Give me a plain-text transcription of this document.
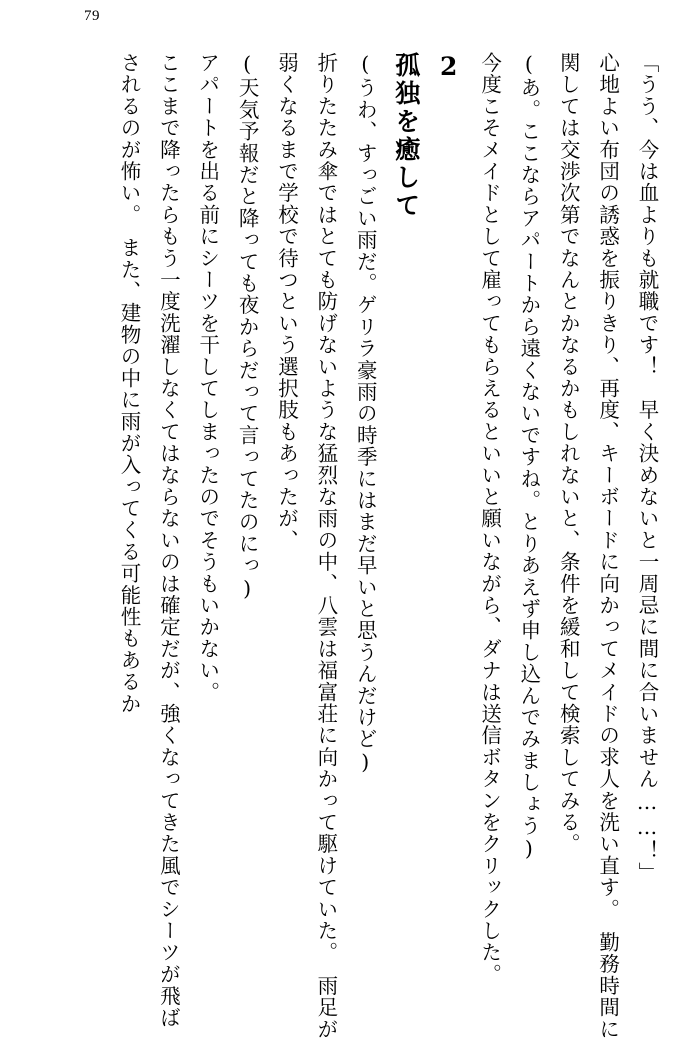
79

「うう、今は血よりも就職です！　早く決めないと一周忌に間に合いません……！」

心地よい布団の誘惑を振りきり、再度、キーボードに向かってメイドの求人を洗い直す。　勤務時間に関しては交渉次第でなんとかなるかもしれないと、条件を緩和して検索してみる。

(あ。ここならアパートから遠くないですね。とりあえず申し込んでみましょう)

今度こそメイドとして雇ってもらえるといいと願いながら、ダナは送信ボタンをクリックした。

2
孤独を癒して

(うわ、すっごい雨だ。ゲリラ豪雨の時季にはまだ早いと思うんだけど)

折りたたみ傘ではとても防げないような猛烈な雨の中、八雲は福富荘に向かって駆けていた。　雨足が弱くなるまで学校で待つという選択肢もあったが、

(天気予報だと降っても夜からだって言ってたのにっ)

アパートを出る前にシーツを干してしまったのでそうもいかない。

ここまで降ったらもう一度洗濯しなくてはならないのは確定だが、強くなってきた風でシーツが飛ばされるのが怖い。　また、建物の中に雨が入ってくる可能性もあるか
